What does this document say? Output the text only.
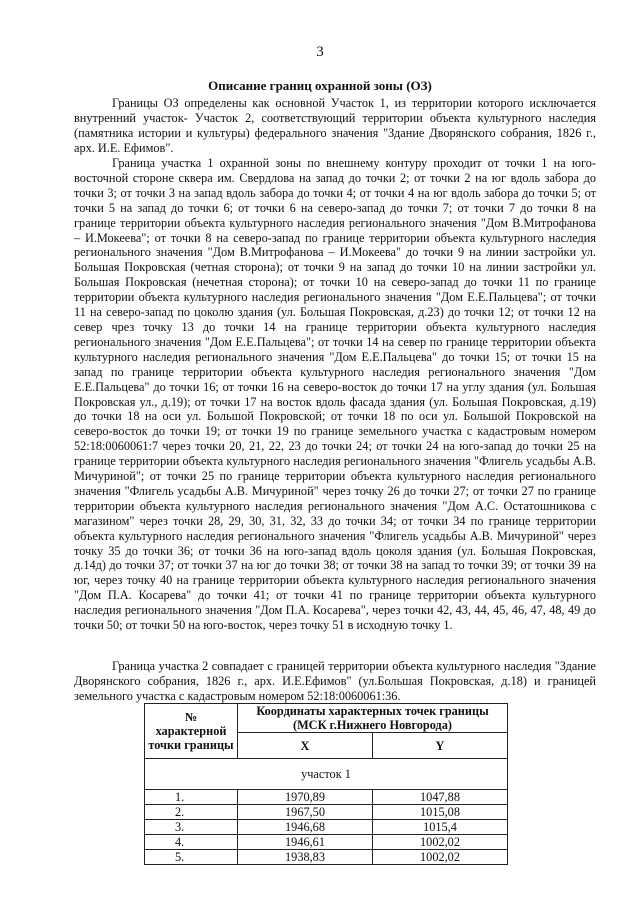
3
Описание границ охранной зоны (ОЗ)

Границы ОЗ определены как основной Участок 1, из территории которого исключается внутренний участок- Участок 2, соответствующий территории объекта культурного наследия (памятника истории и культуры) федерального значения "Здание Дворянского собрания, 1826 г., арх. И.Е. Ефимов".

Граница участка 1 охранной зоны по внешнему контуру проходит от точки 1 на юго-восточной стороне сквера им. Свердлова на запад до точки 2; от точки 2 на юг вдоль забора до точки 3; от точки 3 на запад вдоль забора до точки 4; от точки 4 на юг вдоль забора до точки 5; от точки 5 на запад до точки 6; от точки 6 на северо-запад до точки 7; от точки 7 до точки 8 на границе территории объекта культурного наследия регионального значения "Дом В.Митрофанова – И.Мокеева"; от точки 8 на северо-запад по границе территории объекта культурного наследия регионального значения "Дом В.Митрофанова – И.Мокеева" до точки 9 на линии застройки ул. Большая Покровская (четная сторона); от точки 9 на запад до точки 10 на линии застройки ул. Большая Покровская (нечетная сторона); от точки 10 на северо-запад до точки 11 по границе территории объекта культурного наследия регионального значения "Дом Е.Е.Пальцева"; от точки 11 на северо-запад по цоколю здания (ул. Большая Покровская, д.23) до точки 12; от точки 12 на север чрез точку 13 до точки 14 на границе территории объекта культурного наследия регионального значения "Дом Е.Е.Пальцева"; от точки 14 на север по границе территории объекта культурного наследия регионального значения "Дом Е.Е.Пальцева" до точки 15; от точки 15 на запад по границе территории объекта культурного наследия регионального значения "Дом Е.Е.Пальцева" до точки 16; от точки 16 на северо-восток до точки 17 на углу здания (ул. Большая Покровская ул., д.19); от точки 17 на восток вдоль фасада здания (ул. Большая Покровская, д.19) до точки 18 на оси ул. Большой Покровской; от точки 18 по оси ул. Большой Покровской на северо-восток до точки 19; от точки 19 по границе земельного участка с кадастровым номером 52:18:0060061:7 через точки 20, 21, 22, 23 до точки 24; от точки 24 на юго-запад до точки 25 на границе территории объекта культурного наследия регионального значения "Флигель усадьбы А.В. Мичуриной"; от точки 25 по границе территории объекта культурного наследия регионального значения "Флигель усадьбы А.В. Мичуриной" через точку 26 до точки 27; от точки 27 по границе территории объекта культурного наследия регионального значения "Дом А.С. Остатошникова с магазином" через точки 28, 29, 30, 31, 32, 33 до точки 34; от точки 34 по границе территории объекта культурного наследия регионального значения "Флигель усадьбы А.В. Мичуриной" через точку 35 до точки 36; от точки 36 на юго-запад вдоль цоколя здания (ул. Большая Покровская, д.14д) до точки 37; от точки 37 на юг до точки 38; от точки 38 на запад то точки 39; от точки 39 на юг, через точку 40 на границе территории объекта культурного наследия регионального значения "Дом П.А. Косарева" до точки 41; от точки 41 по границе территории объекта культурного наследия регионального значения "Дом П.А. Косарева", через точки 42, 43, 44, 45, 46, 47, 48, 49 до точки 50; от точки 50 на юго-восток, через точку 51 в исходную точку 1.

Граница участка 2 совпадает с границей территории объекта культурного наследия "Здание Дворянского собрания, 1826 г., арх. И.Е.Ефимов" (ул.Большая Покровская, д.18) и границей земельного участка с кадастровым номером 52:18:0060061:36.

№ характерной точки границы	Координаты характерных точек границы (МСК г.Нижнего Новгорода)	
	X	Y
участок 1		
1.	1970,89	1047,88
2.	1967,50	1015,08
3.	1946,68	1015,4
4.	1946,61	1002,02
5.	1938,83	1002,02
